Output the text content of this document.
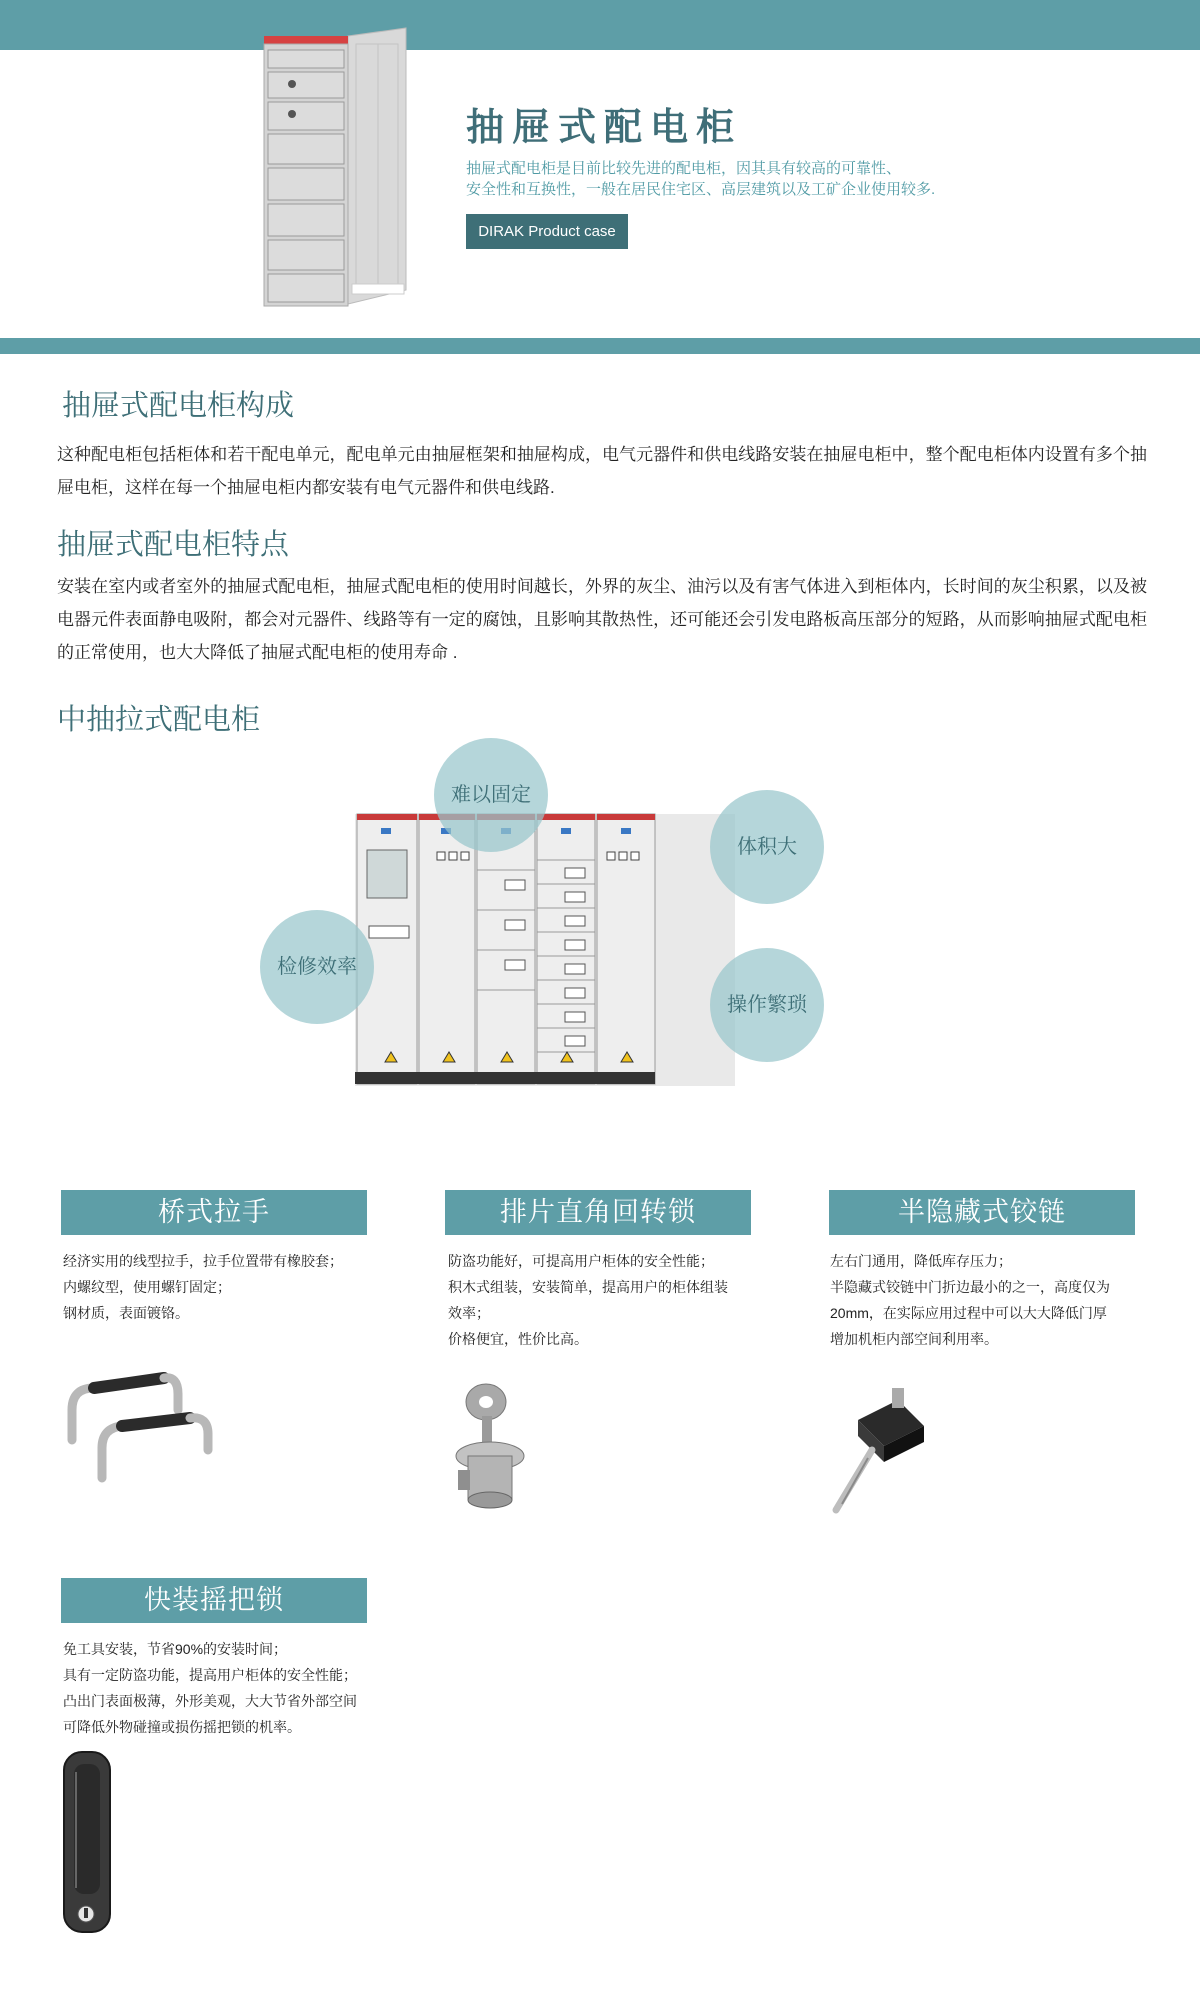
抽屉式配电柜
抽屉式配电柜是目前比较先进的配电柜，因其具有较高的可靠性、
安全性和互换性，一般在居民住宅区、高层建筑以及工矿企业使用较多.
DIRAK Product case
抽屉式配电柜构成
这种配电柜包括柜体和若干配电单元，配电单元由抽屉框架和抽屉构成，电气元器件和供电线路安装在抽屉电柜中，整个配电柜体内设置有多个抽屉电柜，这样在每一个抽屉电柜内都安装有电气元器件和供电线路.
抽屉式配电柜特点
安装在室内或者室外的抽屉式配电柜，抽屉式配电柜的使用时间越长，外界的灰尘、油污以及有害气体进入到柜体内，长时间的灰尘积累，以及被电器元件表面静电吸附，都会对元器件、线路等有一定的腐蚀，且影响其散热性，还可能还会引发电路板高压部分的短路，从而影响抽屉式配电柜的正常使用，也大大降低了抽屉式配电柜的使用寿命 .
中抽拉式配电柜
难以固定
体积大
检修效率
操作繁琐
桥式拉手
经济实用的线型拉手，拉手位置带有橡胶套；
内螺纹型，使用螺钉固定；
钢材质，表面镀铬。
排片直角回转锁
防盗功能好，可提高用户柜体的安全性能；
积木式组装，安装简单，提高用户的柜体组装
效率；
价格便宜，性价比高。
半隐藏式铰链
左右门通用，降低库存压力；
半隐藏式铰链中门折边最小的之一，高度仅为
20mm，在实际应用过程中可以大大降低门厚
增加机柜内部空间利用率。
快装摇把锁
免工具安装，节省90%的安装时间；
具有一定防盗功能，提高用户柜体的安全性能；
凸出门表面极薄，外形美观，大大节省外部空间
可降低外物碰撞或损伤摇把锁的机率。
